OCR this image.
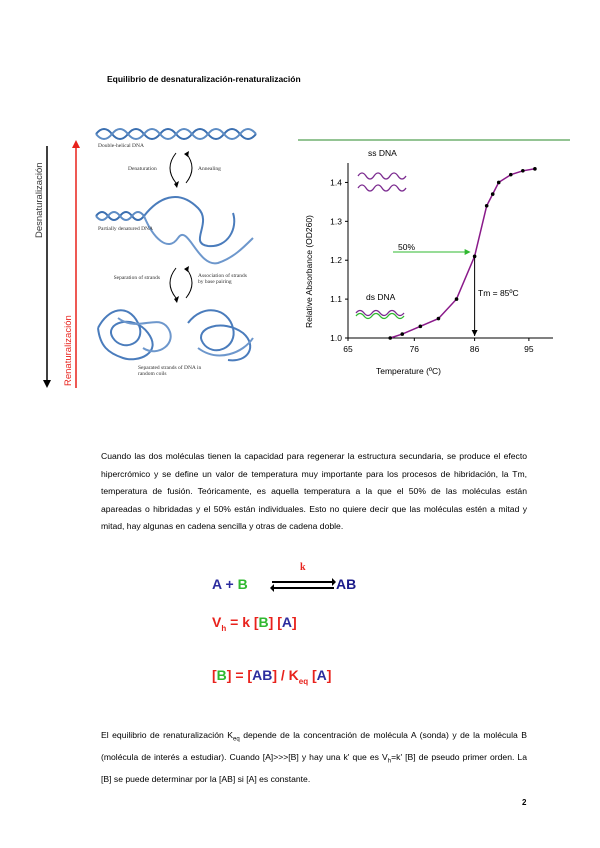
Equilibrio de desnaturalización-renaturalización
Desnaturalización
Renaturalización
Double-helical DNA
Denaturation	Annealing
Partially denatured DNA
Separation of strands	Association of strands by base pairing
Separated strands of DNA in random coils
1.0
1.1
1.2
1.3
1.4
65	76	86	95
Relative Absorbance (OD260)
Temperature (ºC)
ss DNA
ds DNA
50%
Tm = 85ºC
Cuando las dos moléculas tienen la capacidad para regenerar la estructura secundaria, se produce el efecto hipercrómico y se define un valor de temperatura muy importante para los procesos de hibridación, la Tm, temperatura de fusión. Teóricamente, es aquella temperatura a la que el 50% de las moléculas están apareadas o hibridadas y el 50% están individuales. Esto no quiere decir que las moléculas estén a mitad y mitad, hay algunas en cadena sencilla y otras de cadena doble.
k
A + B	AB
$V_h = k$ [B] [A]
$[B] = [AB] / K_{eq}$ [A]
El equilibrio de renaturalización $K_{eq}$ depende de la concentración de molécula A (sonda) y de la molécula B (molécula de interés a estudiar). Cuando [A]>>>[B] y hay una k' que es $V_h=k'$ [B] de pseudo primer orden. La [B] se puede determinar por la [AB] si [A] es constante.
2
